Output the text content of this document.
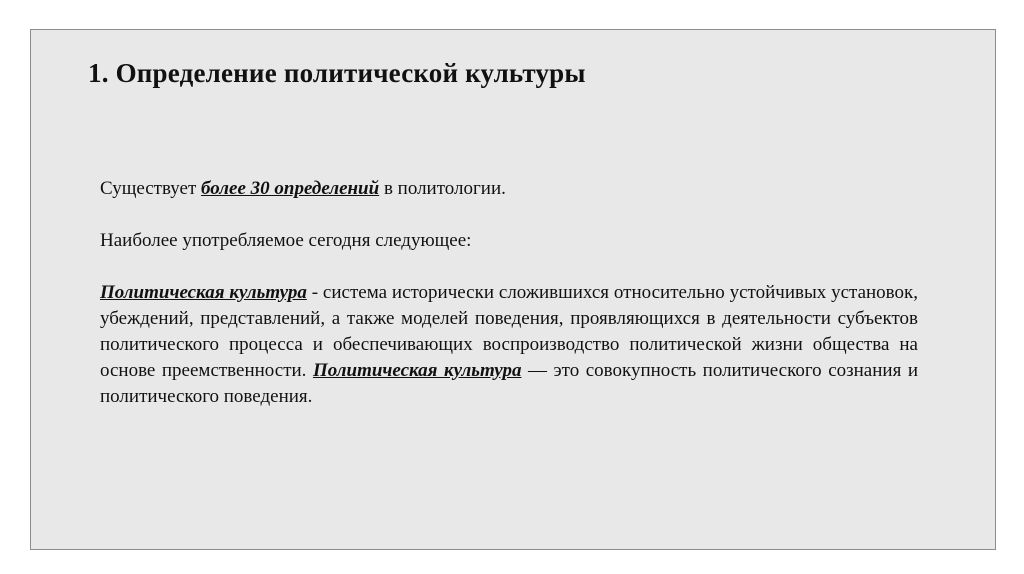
1. Определение политической культуры

Существует более 30 определений в политологии.

Наиболее употребляемое сегодня следующее:

Политическая культура - система исторически сложившихся относительно устойчивых установок, убеждений, представлений, а также моделей поведения, проявляющихся в деятельности субъектов политического процесса и обеспечивающих воспроизводство политической жизни общества на основе преемственности. Политическая культура — это совокупность политического сознания и политического поведения.
